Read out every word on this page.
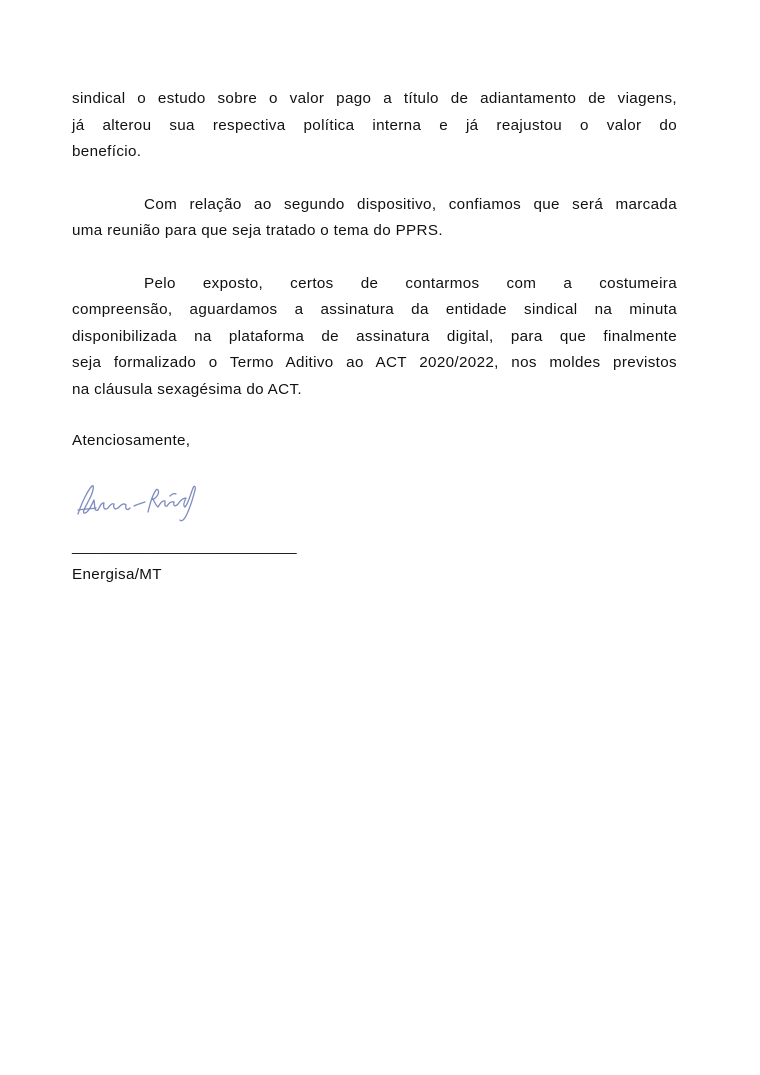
sindical o estudo sobre o valor pago a título de adiantamento de viagens,
já alterou sua respectiva política interna e já reajustou o valor do
benefício.

Com relação ao segundo dispositivo, confiamos que será marcada
uma reunião para que seja tratado o tema do PPRS.

Pelo exposto, certos de contarmos com a costumeira
compreensão, aguardamos a assinatura da entidade sindical na minuta
disponibilizada na plataforma de assinatura digital, para que finalmente
seja formalizado o Termo Aditivo ao ACT 2020/2022, nos moldes previstos
na cláusula sexagésima do ACT.

Atenciosamente,

__________________________
Energisa/MT
